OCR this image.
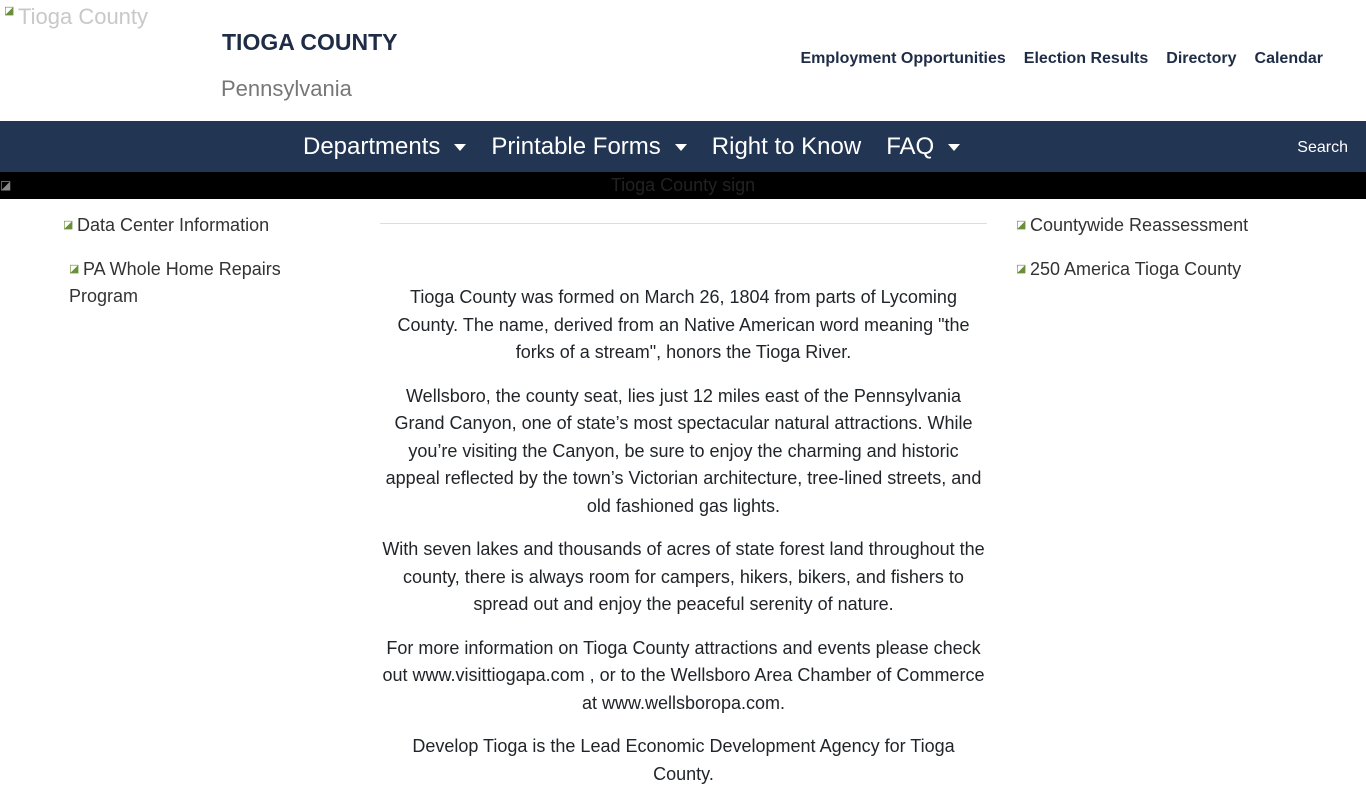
◪ Tioga County
TIOGA COUNTY
Pennsylvania
Employment Opportunities Election Results Directory Calendar
Departments	Printable Forms	Right to Know FAQ	Search
◪	Tioga County sign
◪ Data Center Information
◪ PA Whole Home Repairs Program
◪ Countywide Reassessment
◪ 250 America Tioga County

Tioga County was formed on March 26, 1804 from parts of Lycoming County. The name, derived from an Native American word meaning "the forks of a stream", honors the Tioga River.

Wellsboro, the county seat, lies just 12 miles east of the Pennsylvania Grand Canyon, one of state’s most spectacular natural attractions. While you’re visiting the Canyon, be sure to enjoy the charming and historic appeal reflected by the town’s Victorian architecture, tree-lined streets, and old fashioned gas lights.

With seven lakes and thousands of acres of state forest land throughout the county, there is always room for campers, hikers, bikers, and fishers to spread out and enjoy the peaceful serenity of nature.

For more information on Tioga County attractions and events please check out www.visittiogapa.com , or to the Wellsboro Area Chamber of Commerce at www.wellsboropa.com.

Develop Tioga is the Lead Economic Development Agency for Tioga County.
